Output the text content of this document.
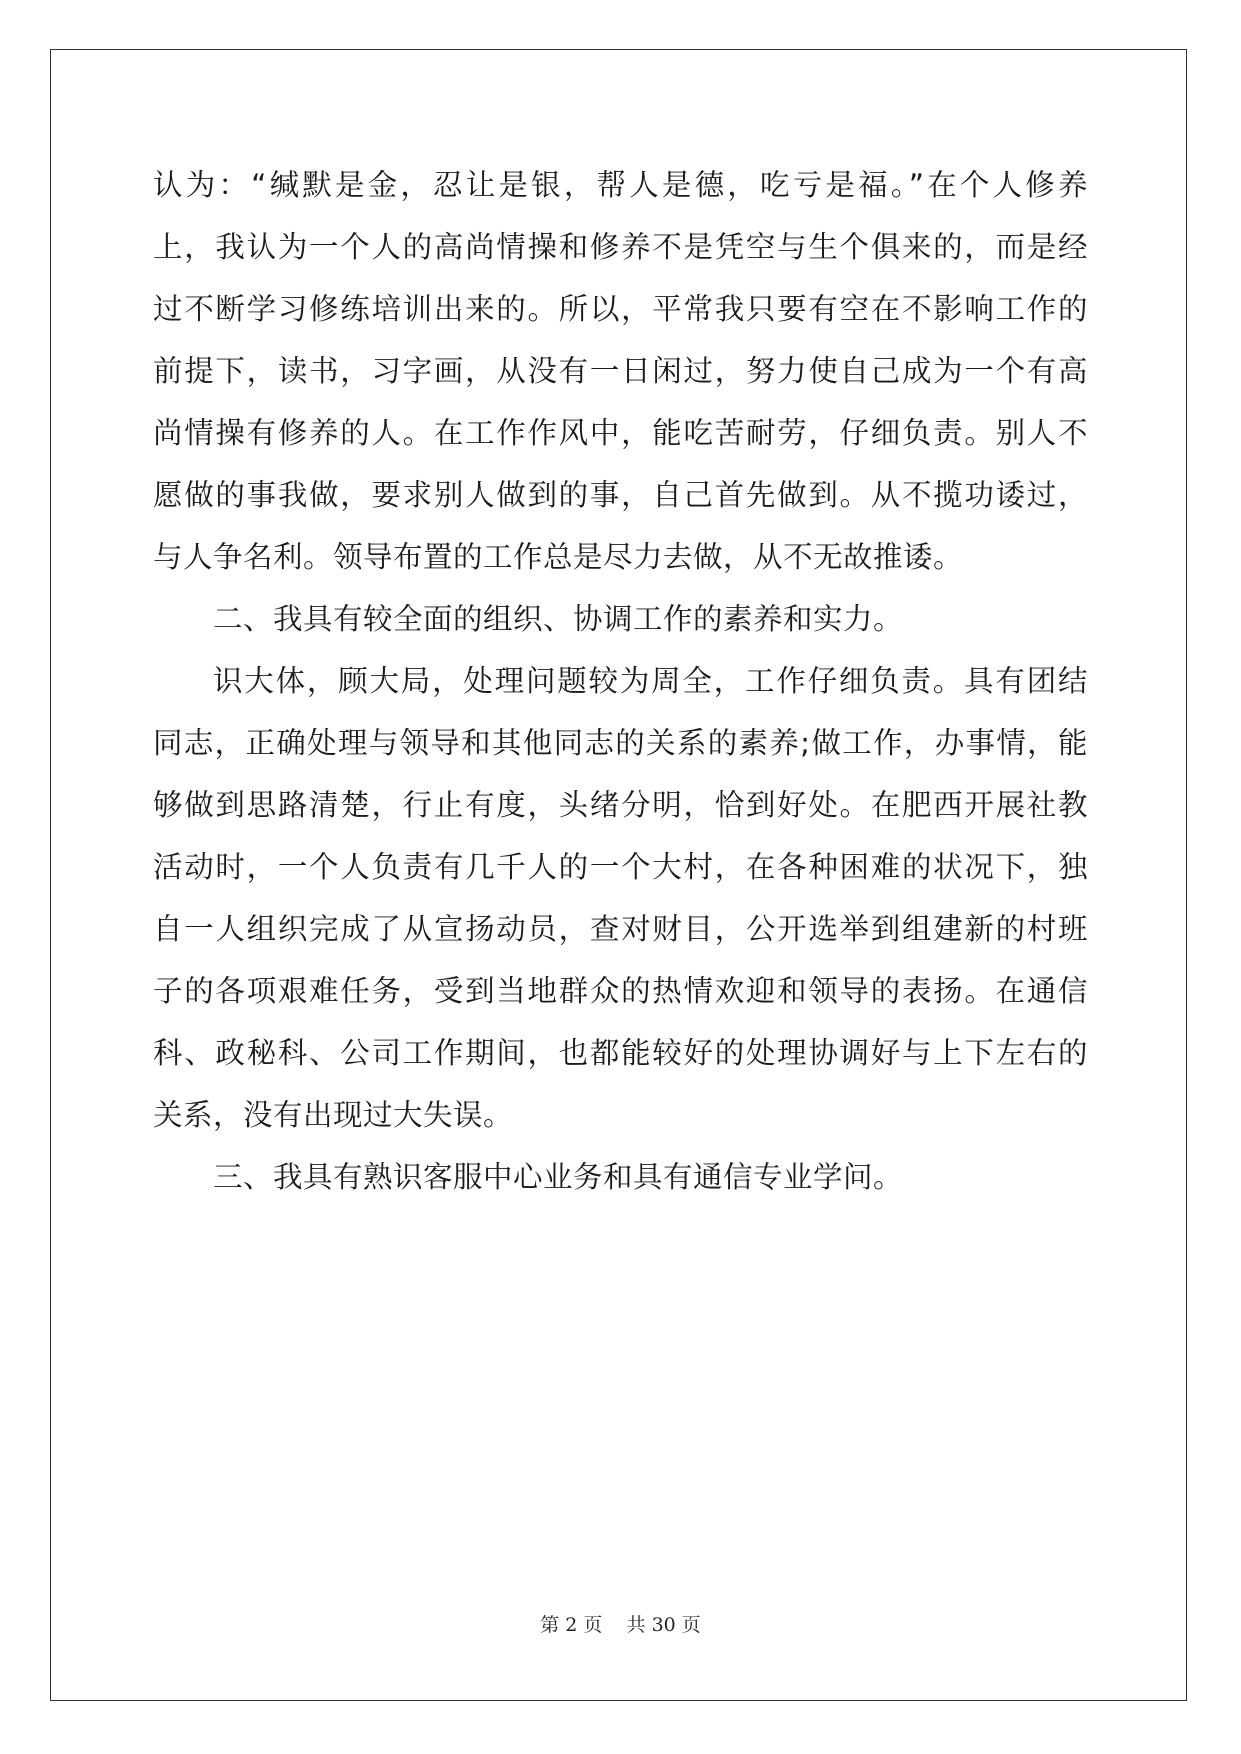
认为：“缄默是金，忍让是银，帮人是德，吃亏是福。”在个人修养

上，我认为一个人的高尚情操和修养不是凭空与生个俱来的，而是经

过不断学习修练培训出来的。所以，平常我只要有空在不影响工作的

前提下，读书，习字画，从没有一日闲过，努力使自己成为一个有高

尚情操有修养的人。在工作作风中，能吃苦耐劳，仔细负责。别人不

愿做的事我做，要求别人做到的事，自己首先做到。从不揽功诿过，

与人争名利。领导布置的工作总是尽力去做，从不无故推诿。

二、我具有较全面的组织、协调工作的素养和实力。

识大体，顾大局，处理问题较为周全，工作仔细负责。具有团结

同志，正确处理与领导和其他同志的关系的素养;做工作，办事情，能

够做到思路清楚，行止有度，头绪分明，恰到好处。在肥西开展社教

活动时，一个人负责有几千人的一个大村，在各种困难的状况下，独

自一人组织完成了从宣扬动员，查对财目，公开选举到组建新的村班

子的各项艰难任务，受到当地群众的热情欢迎和领导的表扬。在通信

科、政秘科、公司工作期间，也都能较好的处理协调好与上下左右的

关系，没有出现过大失误。

三、我具有熟识客服中心业务和具有通信专业学问。

第 2 页 共 30 页
